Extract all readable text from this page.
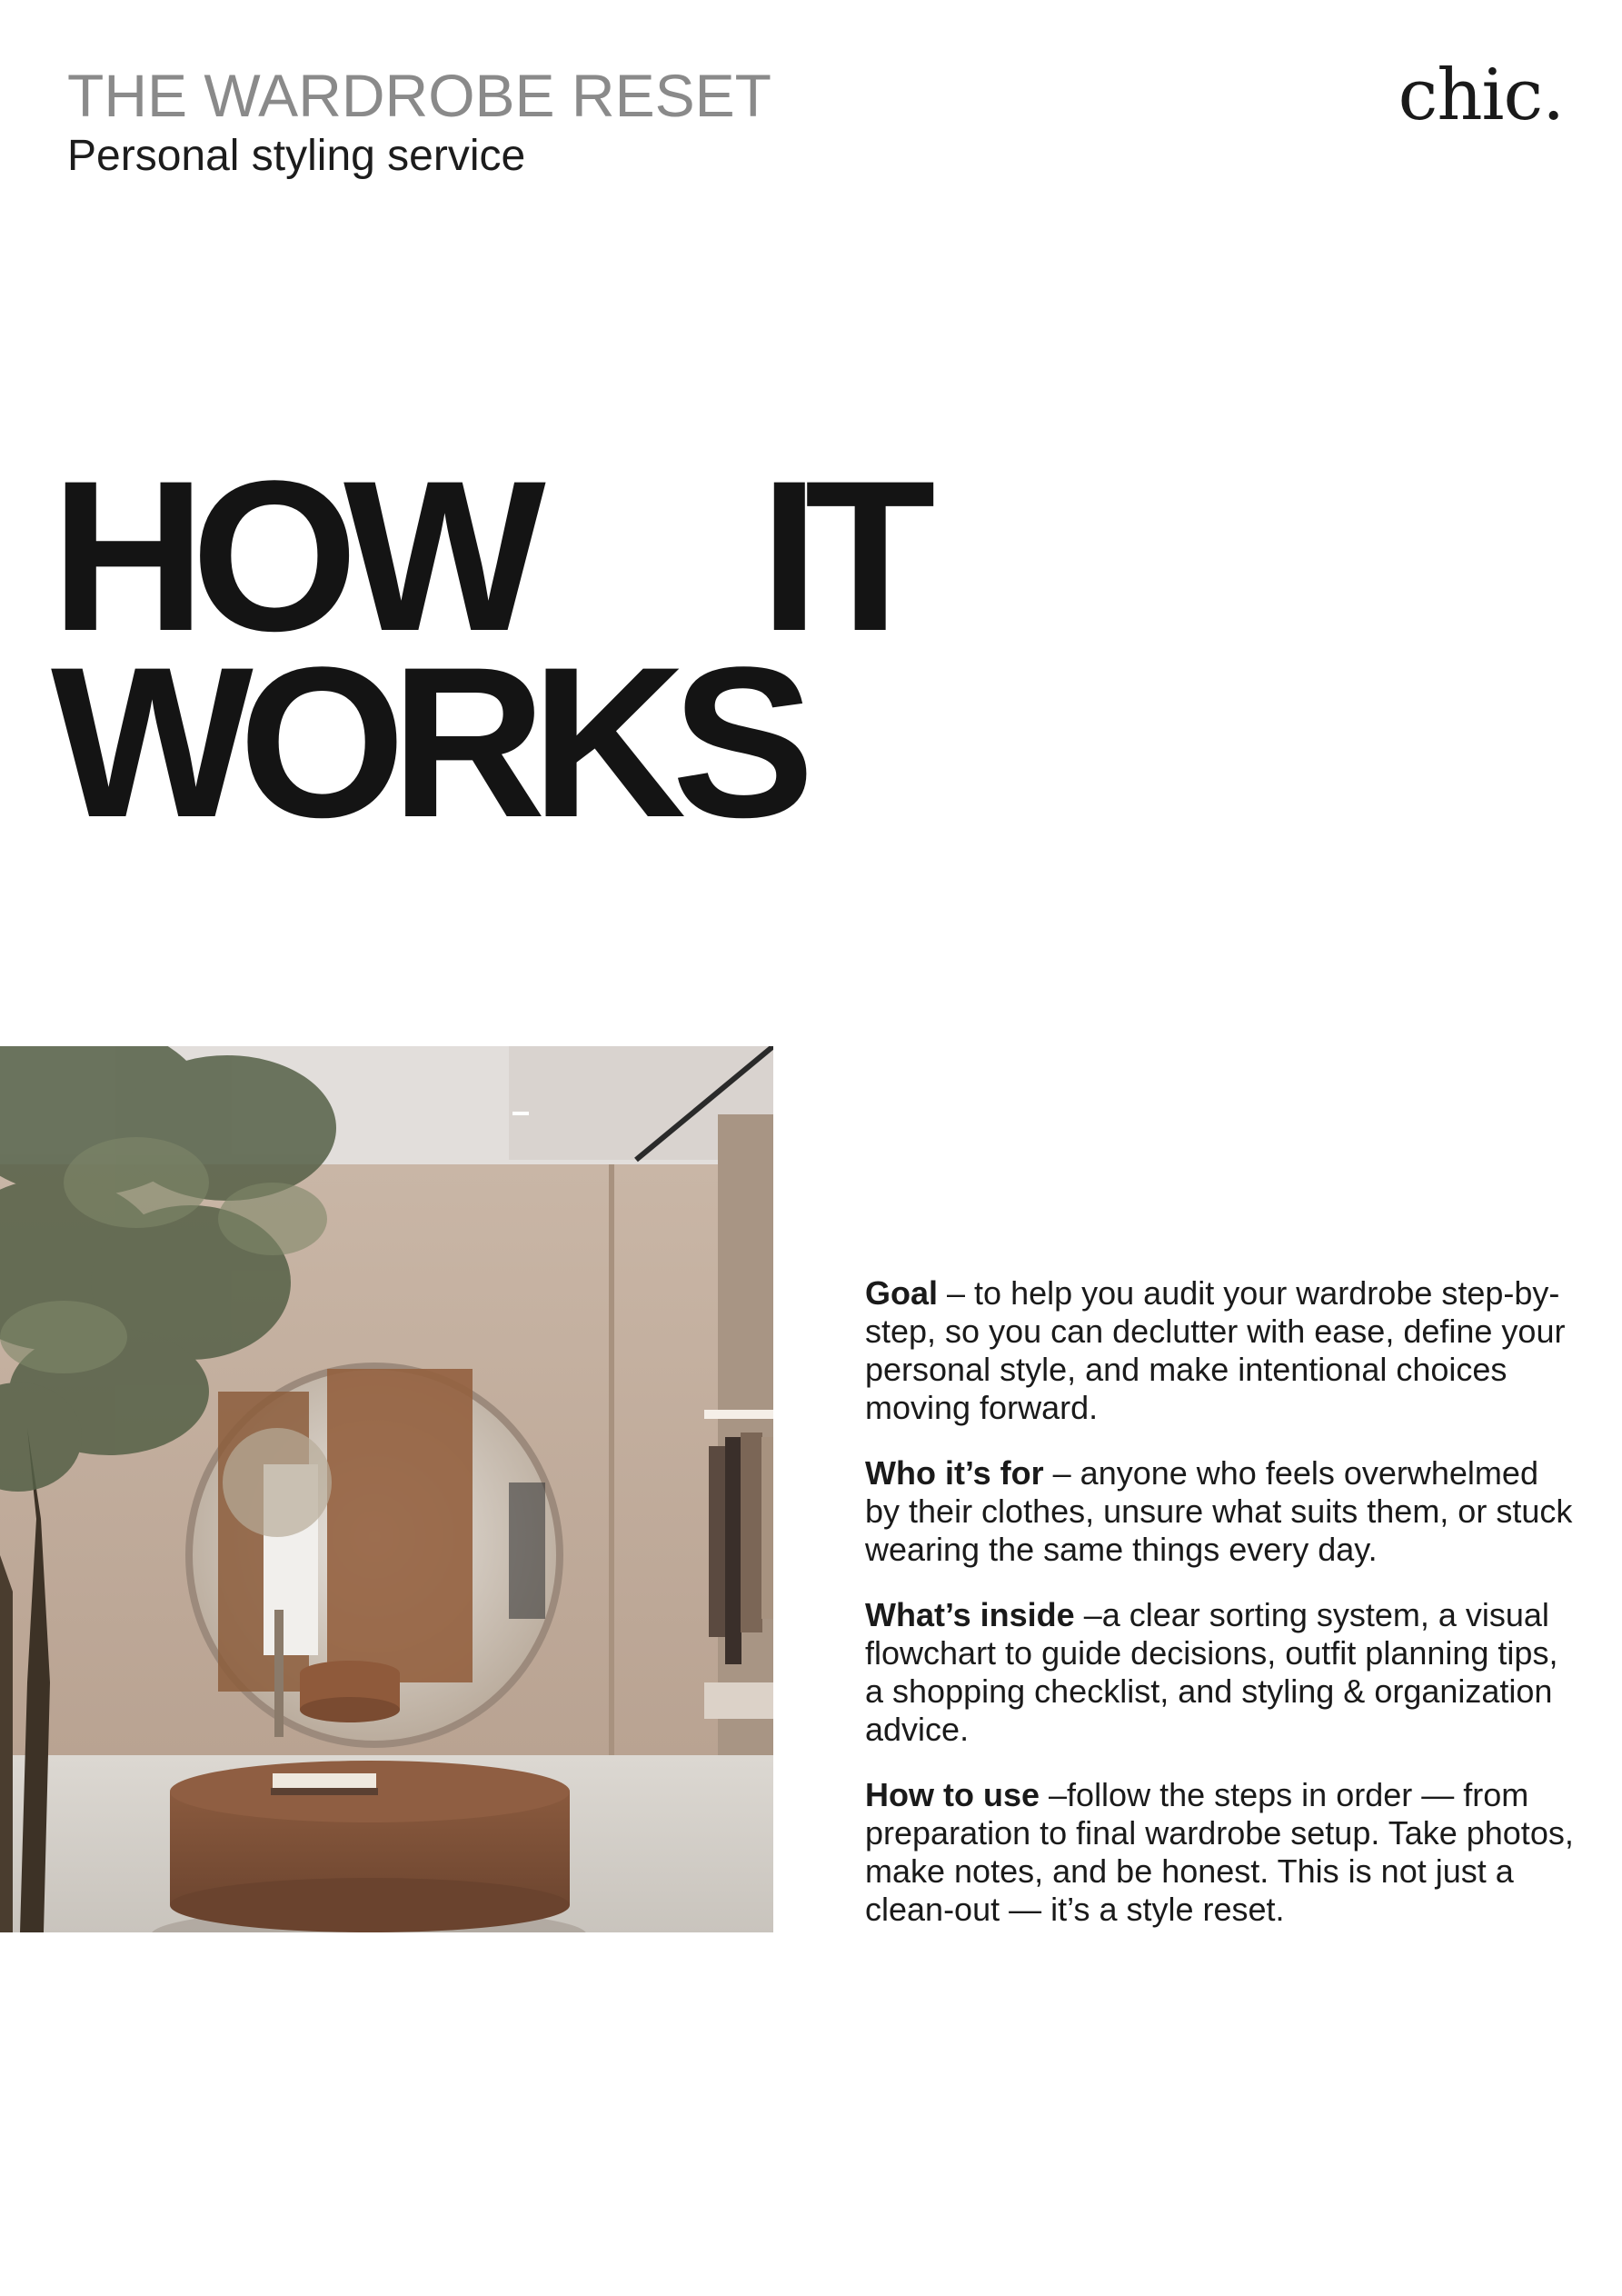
THE WARDROBE RESET
Personal styling service
chic.
HOW	IT
WORKS

Goal – to help you audit your wardrobe step-by-step, so you can declutter with ease, define your personal style, and make intentional choices moving forward.

Who it’s for – anyone who feels overwhelmed by their clothes, unsure what suits them, or stuck wearing the same things every day.

What’s inside –a clear sorting system, a visual flowchart to guide decisions, outfit planning tips, a shopping checklist, and styling & organization advice.

How to use –follow the steps in order — from preparation to final wardrobe setup. Take photos, make notes, and be honest. This is not just a clean-out — it’s a style reset.
